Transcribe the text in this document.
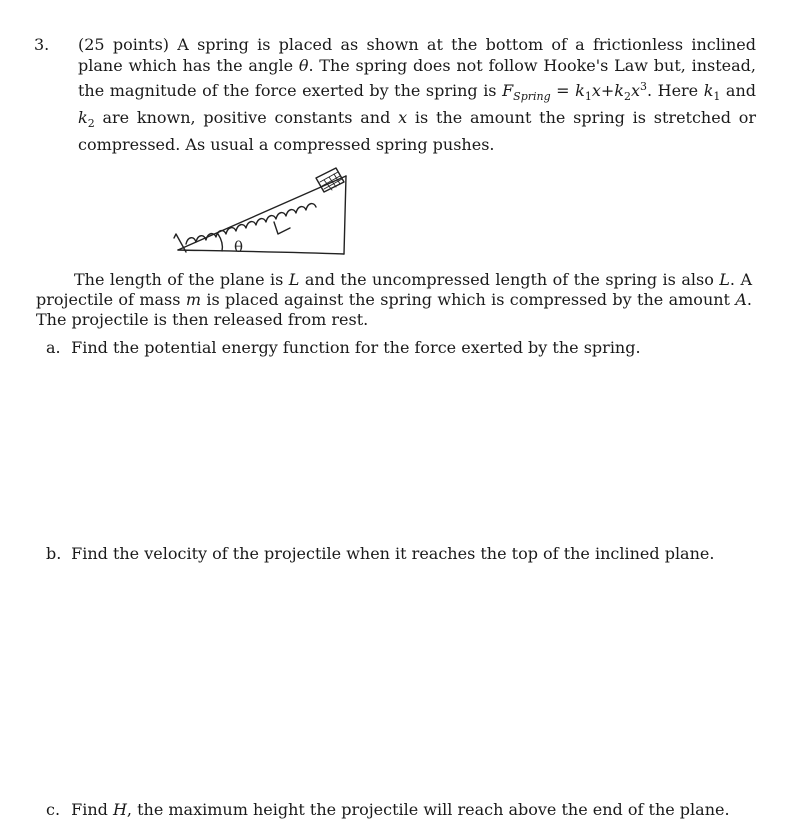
3. (25 points) A spring is placed as shown at the bottom of a frictionless inclined plane which has the angle θ. The spring does not follow Hooke's Law but, instead, the magnitude of the force exerted by the spring is $F_{Spring} = k_1x+k_2x^3$. Here $k_1$ and $k_2$ are known, positive constants and x is the amount the spring is stretched or compressed. As usual a compressed spring pushes.
θ
The length of the plane is L and the uncompressed length of the spring is also L. A projectile of mass m is placed against the spring which is compressed by the amount A. The projectile is then released from rest.
a. Find the potential energy function for the force exerted by the spring.
b. Find the velocity of the projectile when it reaches the top of the inclined plane.
c. Find H, the maximum height the projectile will reach above the end of the plane.
